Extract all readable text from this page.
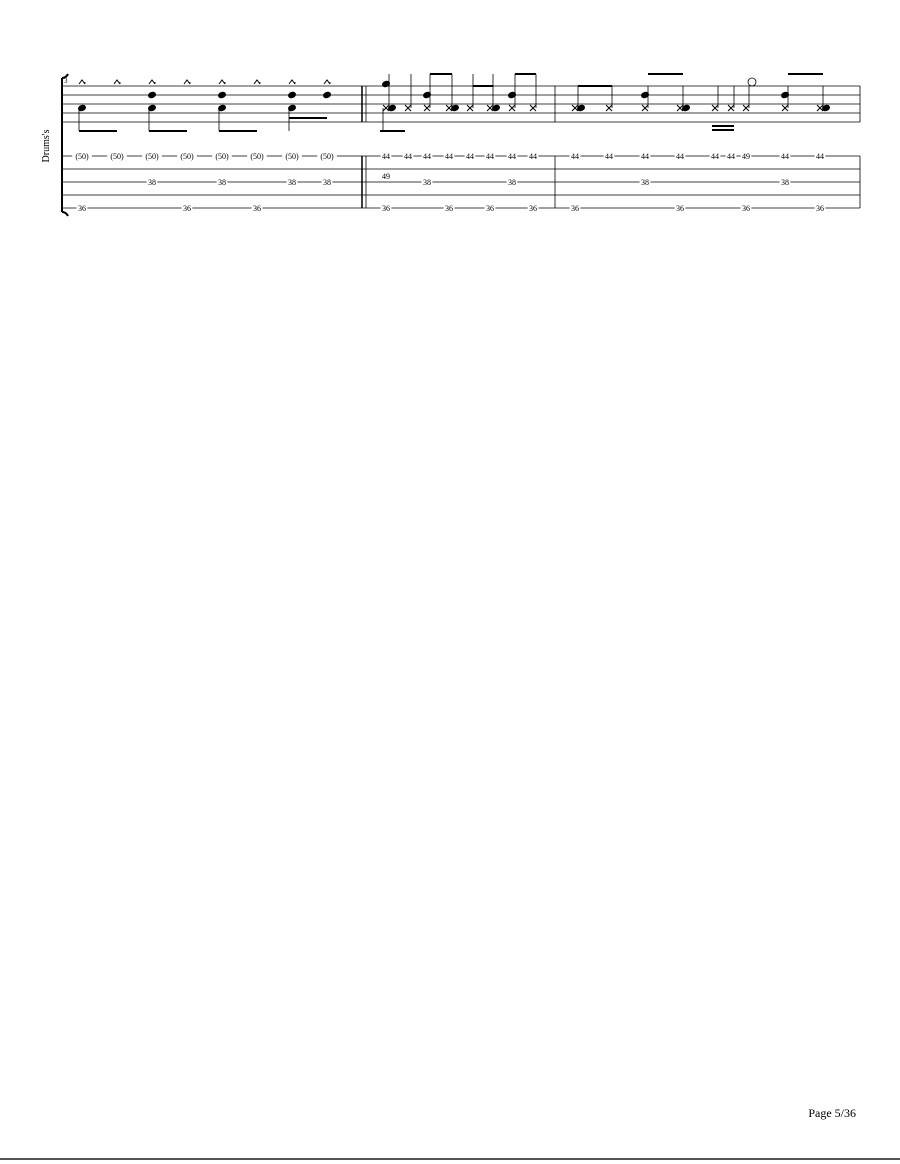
Drums's
3
(50)
36
(50)	(50)
38
(50)
36
(50)
38
(50)
36
(50)
38
(50)
38
44
49
36
44 44
38
44
36
44 44
36
44
38
44
36
44
36
44	44
38
44
36
44 44 49
36
44
38
44
36
Page 5/36
